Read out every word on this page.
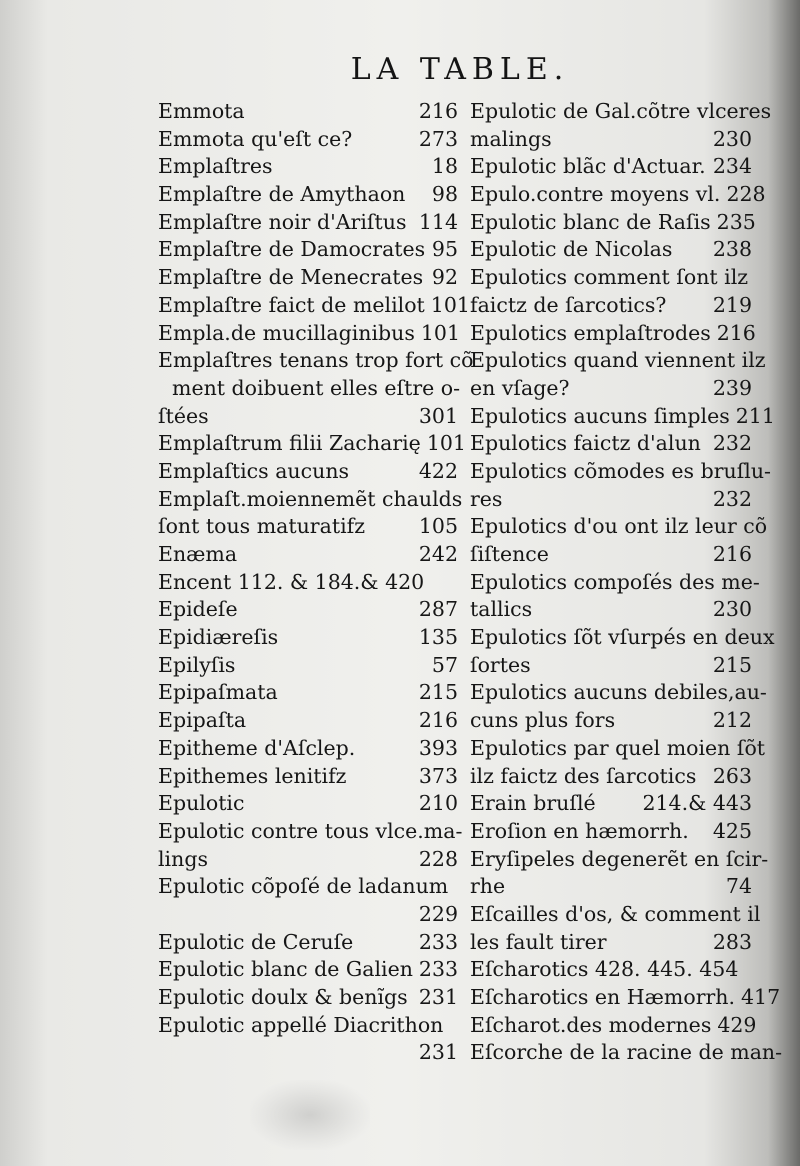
LA TABLE.
Emmota	216
Emmota qu'eſt ce?	273
Emplaſtres	18
Emplaſtre de Amythaon 98
Emplaſtre noir d'Ariſtus 114
Emplaſtre de Damocrates 95
Emplaſtre de Menecrates 92
Emplaſtre faict de melilot 101
Empla.de mucillaginibus 101
Emplaſtres tenans trop fort cõ
ment doibuent elles eſtre o-
ſtées	301
Emplaſtrum filii Zacharię 101
Emplaſtics aucuns	422
Emplaſt.moiennemẽt chaulds
ſont tous maturatifz	105
Enæma	242
Encent 112. & 184.& 420
Epideſe	287
Epidiæreſis	135
Epilyſis	57
Epipaſmata	215
Epipaſta	216
Epitheme d'Aſclep.	393
Epithemes lenitifz	373
Epulotic	210
Epulotic contre tous vlce.ma-
lings	228
Epulotic cõpoſé de ladanum
229
Epulotic de Ceruſe	233
Epulotic blanc de Galien 233
Epulotic doulx & benĩgs 231
Epulotic appellé Diacrithon
231
Epulotic de Gal.cõtre vlceres
malings	230
Epulotic blãc d'Actuar. 234
Epulo.contre moyens vl. 228
Epulotic blanc de Raſis 235
Epulotic de Nicolas 238
Epulotics comment ſont ilz
faictz de ſarcotics? 219
Epulotics emplaſtrodes 216
Epulotics quand viennent ilz
en vſage?	239
Epulotics aucuns ſimples 211
Epulotics faictz d'alun 232
Epulotics cõmodes es bruſlu-
res	232
Epulotics d'ou ont ilz leur cõ
ſiſtence	216
Epulotics compoſés des me-
tallics	230
Epulotics ſõt vſurpés en deux
ſortes	215
Epulotics aucuns debiles,au-
cuns plus fors	212
Epulotics par quel moien ſõt
ilz faictz des ſarcotics 263
Erain bruſlé 214.& 443
Eroſion en hæmorrh. 425
Eryſipeles degenerẽt en ſcir-
rhe	74
Eſcailles d'os, & comment il
les fault tirer	283
Eſcharotics 428. 445. 454
Eſcharotics en Hæmorrh. 417
Eſcharot.des modernes 429
Eſcorche de la racine de man-
